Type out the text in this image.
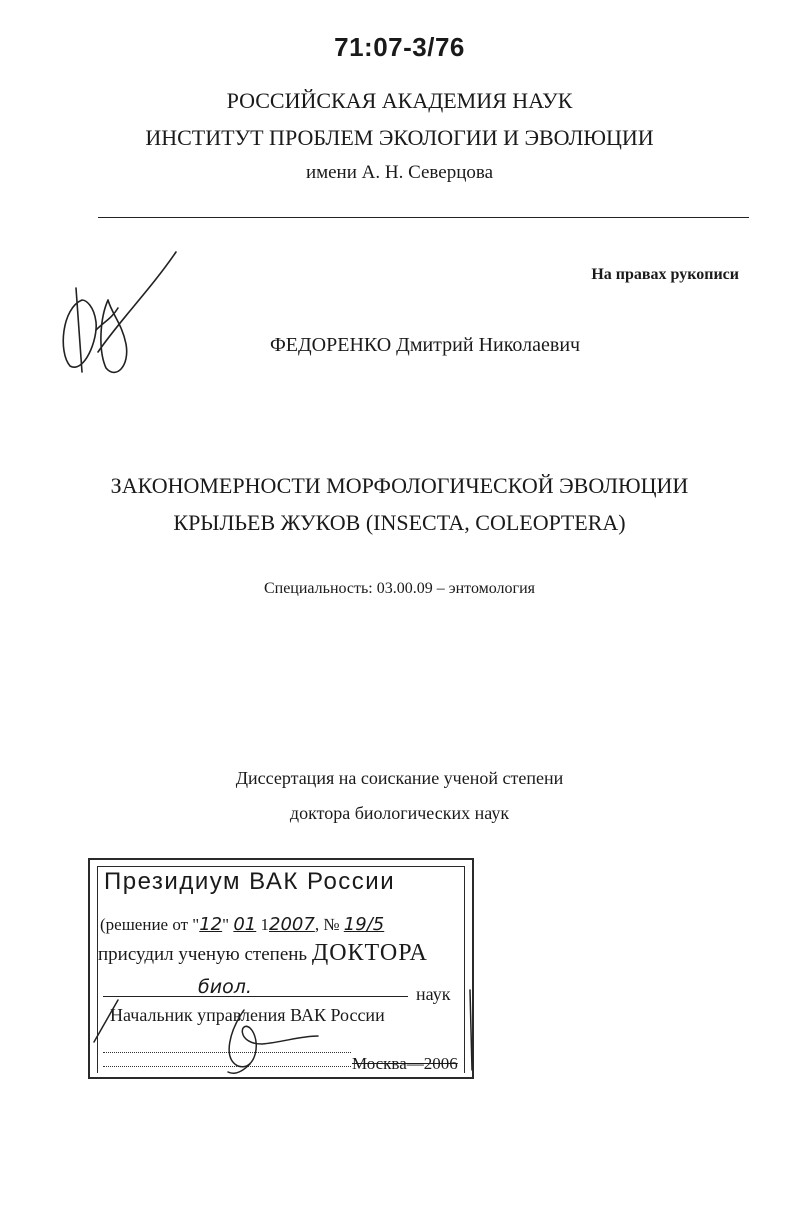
71:07-3/76
РОССИЙСКАЯ АКАДЕМИЯ НАУК
ИНСТИТУТ ПРОБЛЕМ ЭКОЛОГИИ И ЭВОЛЮЦИИ
имени А. Н. Северцова
На правах рукописи
ФЕДОРЕНКО Дмитрий Николаевич
ЗАКОНОМЕРНОСТИ МОРФОЛОГИЧЕСКОЙ ЭВОЛЮЦИИ
КРЫЛЬЕВ ЖУКОВ (INSECTA, COLEOPTERA)
Специальность: 03.00.09 – энтомология
Диссертация на соискание ученой степени
доктора биологических наук
Президиум ВАК России
(решение от "12" 01 12007, № 19/5
присудил ученую степень ДОКТОРА
биол.	наук
Начальник управления ВАК России
Москва—2006
